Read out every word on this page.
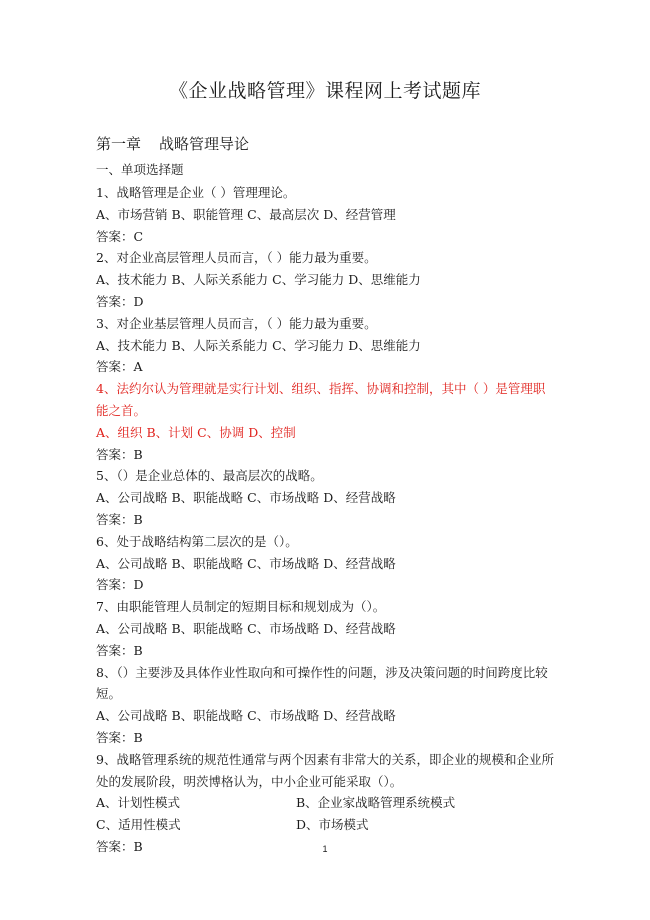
《企业战略管理》课程网上考试题库
第一章 战略管理导论
一、单项选择题
1、战略管理是企业（ ）管理理论。
A、市场营销 B、职能管理 C、最高层次 D、经营管理
答案：C
2、对企业高层管理人员而言，（ ）能力最为重要。
A、技术能力 B、人际关系能力 C、学习能力 D、思维能力
答案：D
3、对企业基层管理人员而言，（ ）能力最为重要。
A、技术能力 B、人际关系能力 C、学习能力 D、思维能力
答案：A
4、法约尔认为管理就是实行计划、组织、指挥、协调和控制，其中（ ）是管理职能之首。
A、组织 B、计划 C、协调 D、控制
答案：B
5、（）是企业总体的、最高层次的战略。
A、公司战略 B、职能战略 C、市场战略 D、经营战略
答案：B
6、处于战略结构第二层次的是（）。
A、公司战略 B、职能战略 C、市场战略 D、经营战略
答案：D
7、由职能管理人员制定的短期目标和规划成为（）。
A、公司战略 B、职能战略 C、市场战略 D、经营战略
答案：B
8、（）主要涉及具体作业性取向和可操作性的问题，涉及决策问题的时间跨度比较短。
A、公司战略 B、职能战略 C、市场战略 D、经营战略
答案：B
9、战略管理系统的规范性通常与两个因素有非常大的关系，即企业的规模和企业所处的发展阶段，明茨博格认为，中小企业可能采取（）。
A、计划性模式	B、企业家战略管理系统模式
C、适用性模式	D、市场模式
答案：B	1
